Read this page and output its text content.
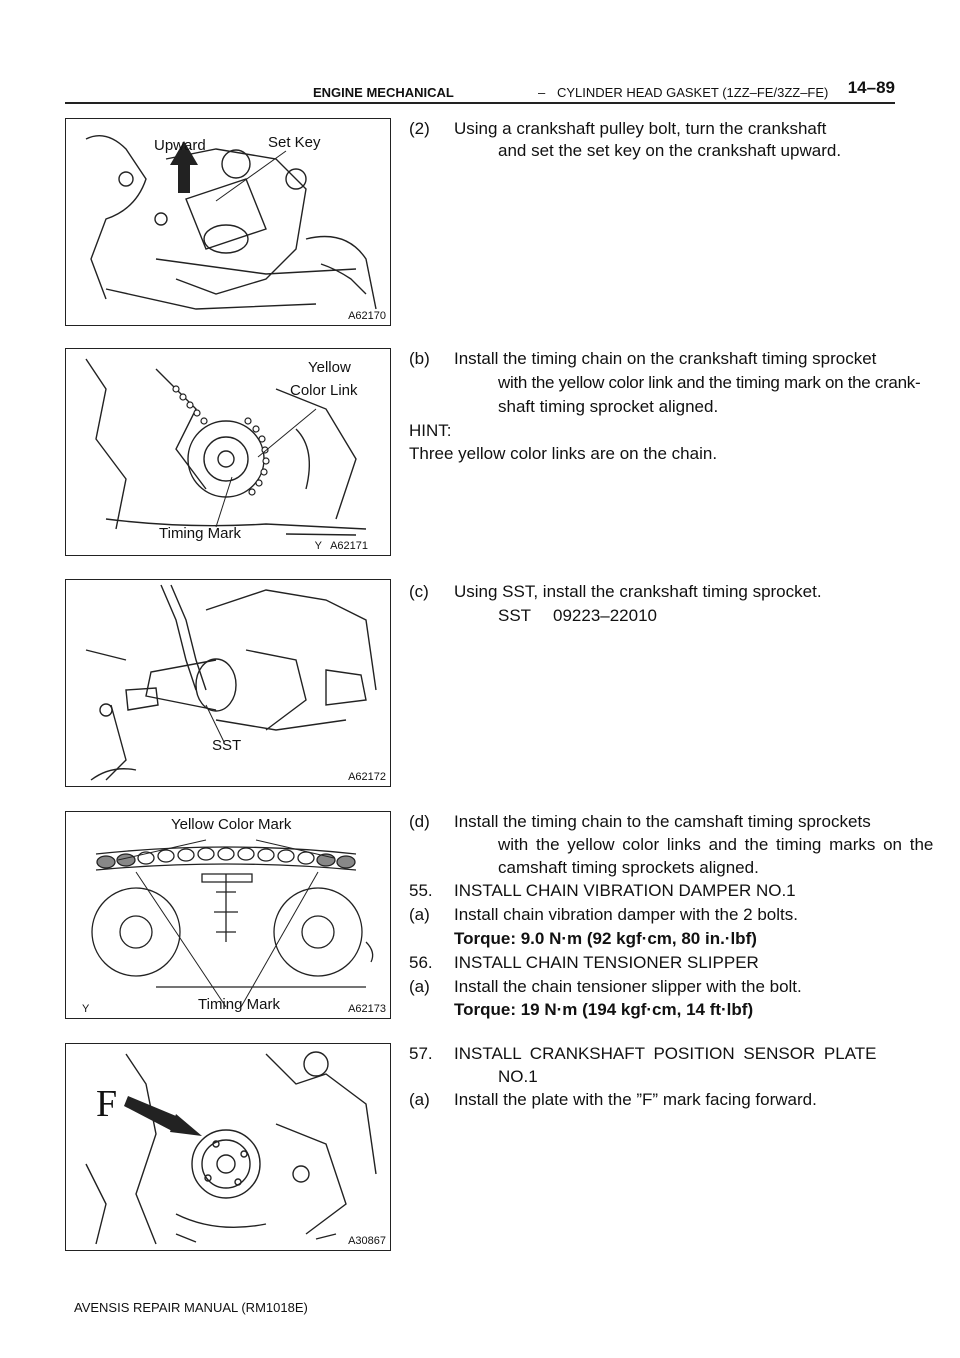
ENGINE MECHANICAL	– CYLINDER HEAD GASKET (1ZZ–FE/3ZZ–FE) 14–89
Upward	Set Key
A62170
Yellow
Color Link
Timing Mark
A62171
Y
SST
A62172
Yellow Color Mark
Timing Mark	A62173
Y
F
A30867
(2) Using a crankshaft pulley bolt, turn the crankshaft
and set the set key on the crankshaft upward.
(b) Install the timing chain on the crankshaft timing sprocket
with the yellow color link and the timing mark on the crank-
shaft timing sprocket aligned.
HINT:
Three yellow color links are on the chain.
(c) Using SST, install the crankshaft timing sprocket.
SST 09223–22010
(d) Install the timing chain to the camshaft timing sprockets
with the yellow color links and the timing marks on the
camshaft timing sprockets aligned.
55. INSTALL CHAIN VIBRATION DAMPER NO.1
(a) Install chain vibration damper with the 2 bolts.
Torque: 9.0 N·m (92 kgf·cm, 80 in.·lbf)
56. INSTALL CHAIN TENSIONER SLIPPER
(a) Install the chain tensioner slipper with the bolt.
Torque: 19 N·m (194 kgf·cm, 14 ft·lbf)
57. INSTALL CRANKSHAFT POSITION SENSOR PLATE
NO.1
(a) Install the plate with the ”F” mark facing forward.
AVENSIS REPAIR MANUAL (RM1018E)
